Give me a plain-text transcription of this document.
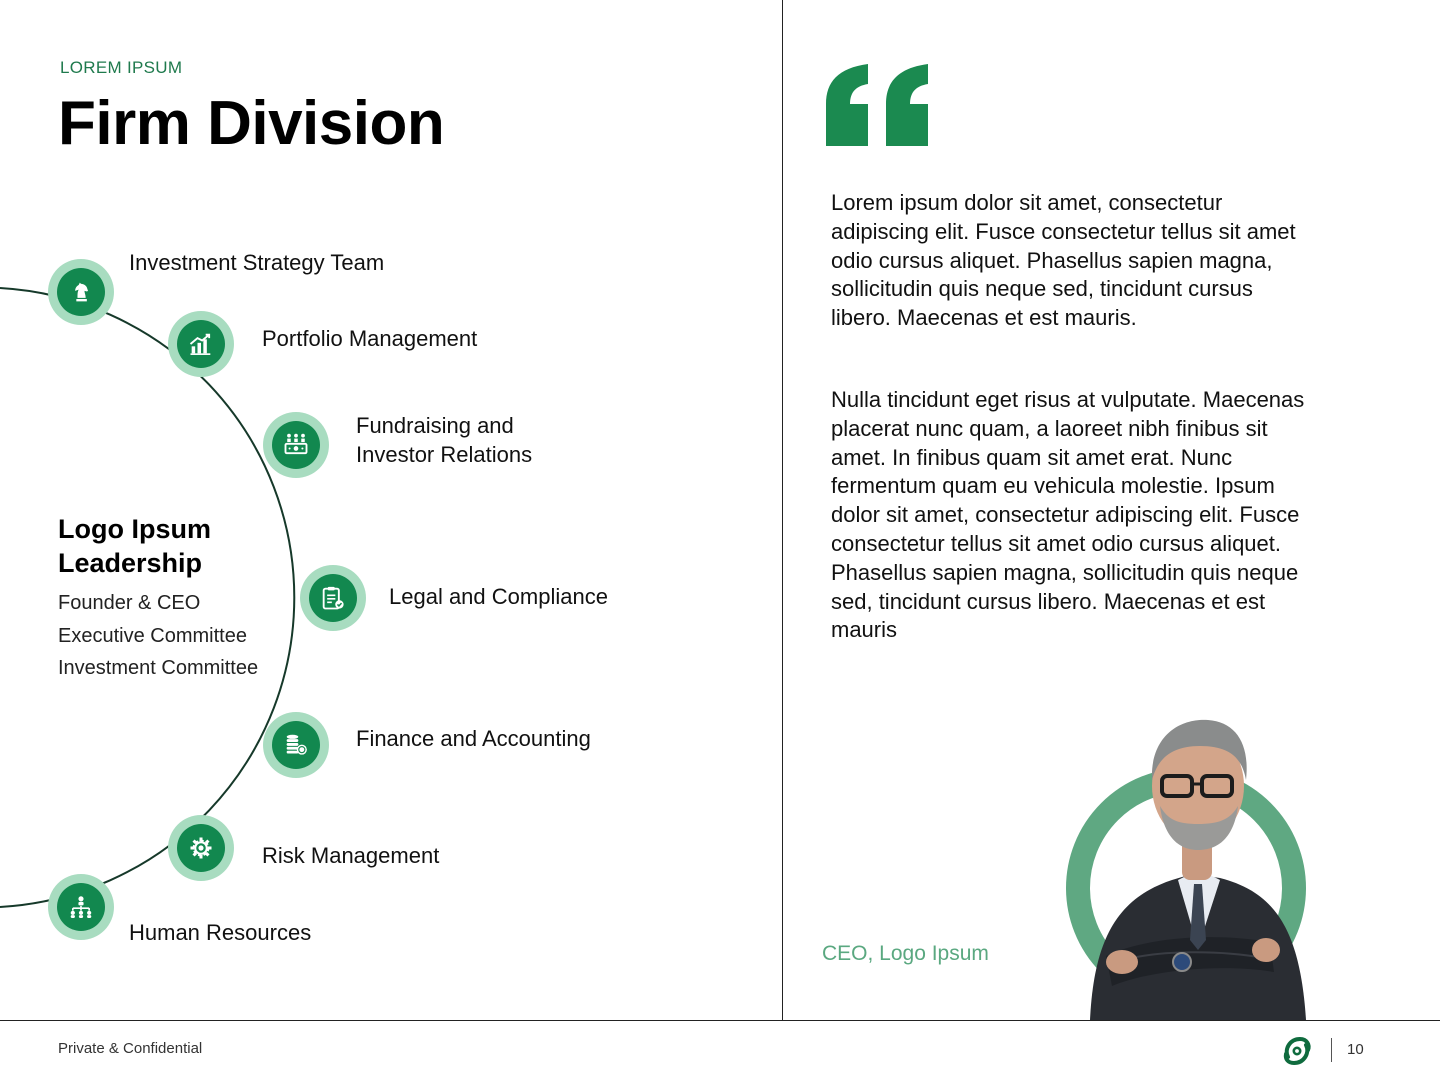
LOREM IPSUM
Firm Division
Investment Strategy Team
Portfolio Management
Fundraising and
Investor Relations
Legal and Compliance
Finance and Accounting
Risk Management
Human Resources
Logo Ipsum
Leadership
Founder & CEO
Executive Committee
Investment Committee
Lorem ipsum dolor sit amet, consectetur adipiscing elit. Fusce consectetur tellus sit amet odio cursus aliquet. Phasellus sapien magna, sollicitudin quis neque sed, tincidunt cursus libero. Maecenas et est mauris.
Nulla tincidunt eget risus at vulputate. Maecenas placerat nunc quam, a laoreet nibh finibus sit amet. In finibus quam sit amet erat. Nunc fermentum quam eu vehicula molestie. Ipsum dolor sit amet, consectetur adipiscing elit. Fusce consectetur tellus sit amet odio cursus aliquet. Phasellus sapien magna, sollicitudin quis neque sed, tincidunt cursus libero. Maecenas et est mauris
CEO, Logo Ipsum
Private & Confidential	10
